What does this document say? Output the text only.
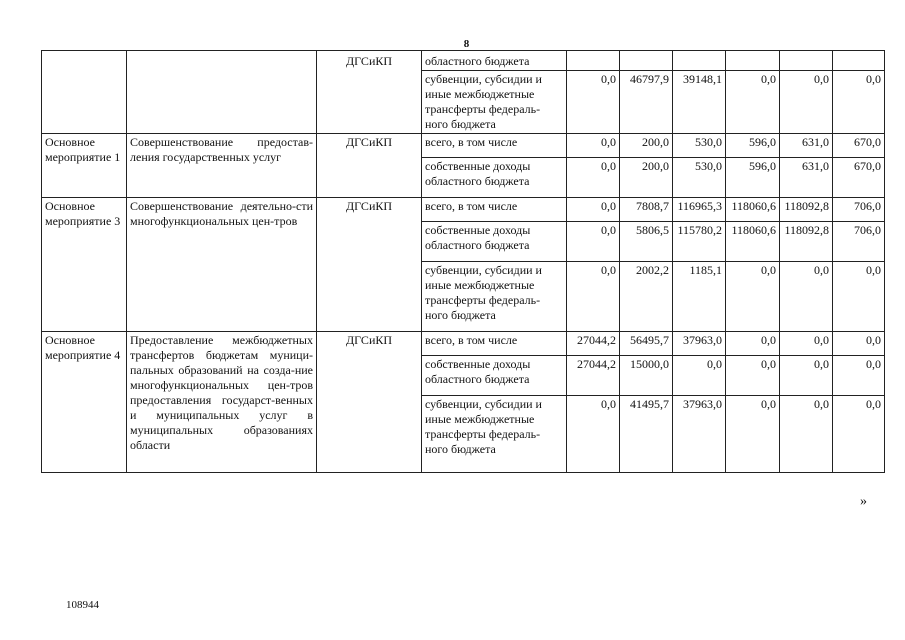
8
		ДГСиКП	областного бюджета						
			субвенции, субсидии и иные межбюджетные трансферты федераль-ного бюджета	0,0	46797,9	39148,1	0,0	0,0	0,0
Основное мероприятие 1	Совершенствование предостав-ления государственных услуг	ДГСиКП	всего, в том числе	0,0	200,0	530,0	596,0	631,0	670,0
			собственные доходы областного бюджета	0,0	200,0	530,0	596,0	631,0	670,0
Основное мероприятие 3	Совершенствование деятельно-сти многофункциональных цен-тров	ДГСиКП	всего, в том числе	0,0	7808,7	116965,3	118060,6	118092,8	706,0
			собственные доходы областного бюджета	0,0	5806,5	115780,2	118060,6	118092,8	706,0
			субвенции, субсидии и иные межбюджетные трансферты федераль-ного бюджета	0,0	2002,2	1185,1	0,0	0,0	0,0
Основное мероприятие 4	Предоставление межбюджетных трансфертов бюджетам муници-пальных образований на созда-ние многофункциональных цен-тров предоставления государст-венных и муниципальных услуг в муниципальных образованиях области	ДГСиКП	всего, в том числе	27044,2	56495,7	37963,0	0,0	0,0	0,0
			собственные доходы областного бюджета	27044,2	15000,0	0,0	0,0	0,0	0,0
			субвенции, субсидии и иные межбюджетные трансферты федераль-ного бюджета	0,0	41495,7	37963,0	0,0	0,0	0,0
»
108944
